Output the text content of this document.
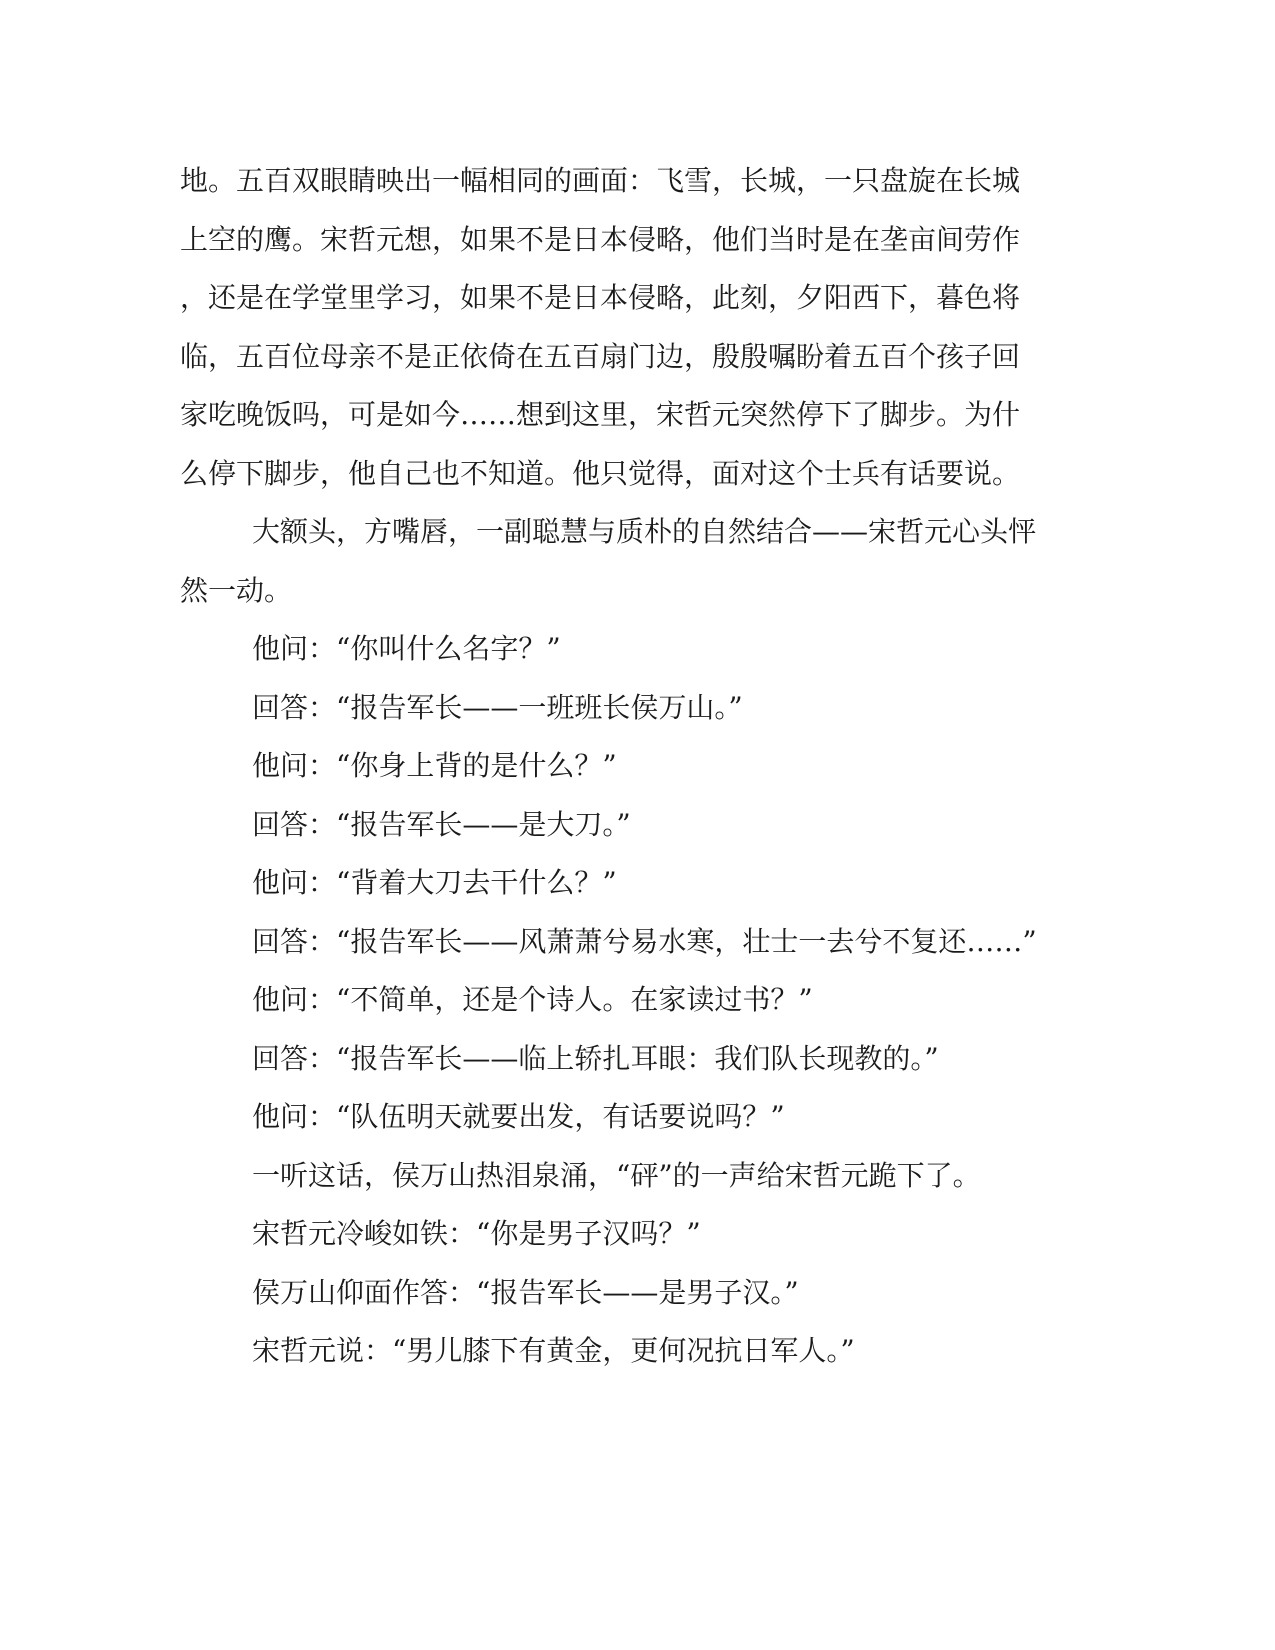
地。五百双眼睛映出一幅相同的画面：飞雪，长城，一只盘旋在长城
上空的鹰。宋哲元想，如果不是日本侵略，他们当时是在垄亩间劳作
，还是在学堂里学习，如果不是日本侵略，此刻，夕阳西下，暮色将
临，五百位母亲不是正依倚在五百扇门边，殷殷嘱盼着五百个孩子回
家吃晚饭吗，可是如今……想到这里，宋哲元突然停下了脚步。为什
么停下脚步，他自己也不知道。他只觉得，面对这个士兵有话要说。
大额头，方嘴唇，一副聪慧与质朴的自然结合——宋哲元心头怦
然一动。
他问：“你叫什么名字？”
回答：“报告军长——一班班长侯万山。”
他问：“你身上背的是什么？”
回答：“报告军长——是大刀。”
他问：“背着大刀去干什么？”
回答：“报告军长——风萧萧兮易水寒，壮士一去兮不复还……”
他问：“不简单，还是个诗人。在家读过书？”
回答：“报告军长——临上轿扎耳眼：我们队长现教的。”
他问：“队伍明天就要出发，有话要说吗？”
一听这话，侯万山热泪泉涌，“砰”的一声给宋哲元跪下了。
宋哲元冷峻如铁：“你是男子汉吗？”
侯万山仰面作答：“报告军长——是男子汉。”
宋哲元说：“男儿膝下有黄金，更何况抗日军人。”
